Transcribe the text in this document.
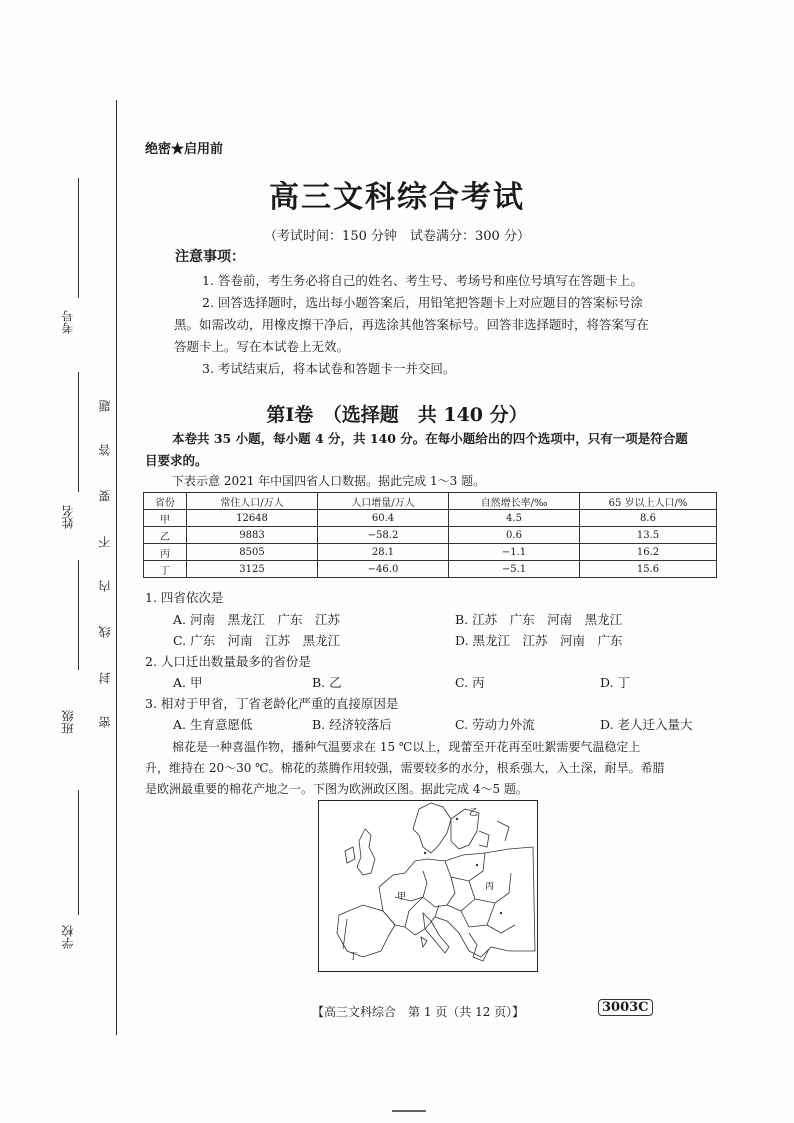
考号
姓名
班级
学校
题
答
要
不
内
线
封
密
绝密★启用前
高三文科综合考试
（考试时间：150 分钟　试卷满分：300 分）
注意事项：
1. 答卷前，考生务必将自己的姓名、考生号、考场号和座位号填写在答题卡上。
2. 回答选择题时，选出每小题答案后，用铅笔把答题卡上对应题目的答案标号涂
黑。如需改动，用橡皮擦干净后，再选涂其他答案标号。回答非选择题时，将答案写在
答题卡上。写在本试卷上无效。
3. 考试结束后，将本试卷和答题卡一并交回。
第Ⅰ卷　（选择题　共 140 分）
本卷共 35 小题，每小题 4 分，共 140 分。在每小题给出的四个选项中，只有一项是符合题
目要求的。
下表示意 2021 年中国四省人口数据。据此完成 1～3 题。
省份	常住人口/万人	人口增量/万人	自然增长率/‰	65 岁以上人口/%
甲	12648	60.4	4.5	8.6
乙	9883	−58.2	0.6	13.5
丙	8505	28.1	−1.1	16.2
丁	3125	−46.0	−5.1	15.6
1. 四省依次是
A. 河南　黑龙江　广东　江苏	B. 江苏　广东　河南　黑龙江
C. 广东　河南　江苏　黑龙江	D. 黑龙江　江苏　河南　广东
2. 人口迁出数量最多的省份是
A. 甲	B. 乙	C. 丙	D. 丁
3. 相对于甲省，丁省老龄化严重的直接原因是
A. 生育意愿低	B. 经济较落后	C. 劳动力外流	D. 老人迁入量大
棉花是一种喜温作物，播种气温要求在 15 ℃以上，现蕾至开花再至吐絮需要气温稳定上
升，维持在 20～30 ℃。棉花的蒸腾作用较强，需要较多的水分，根系强大，入土深，耐旱。希腊
是欧洲最重要的棉花产地之一。下图为欧洲政区图。据此完成 4～5 题。
乙
甲
丙
丁
【高三文科综合　第 1 页（共 12 页）】	3003C
